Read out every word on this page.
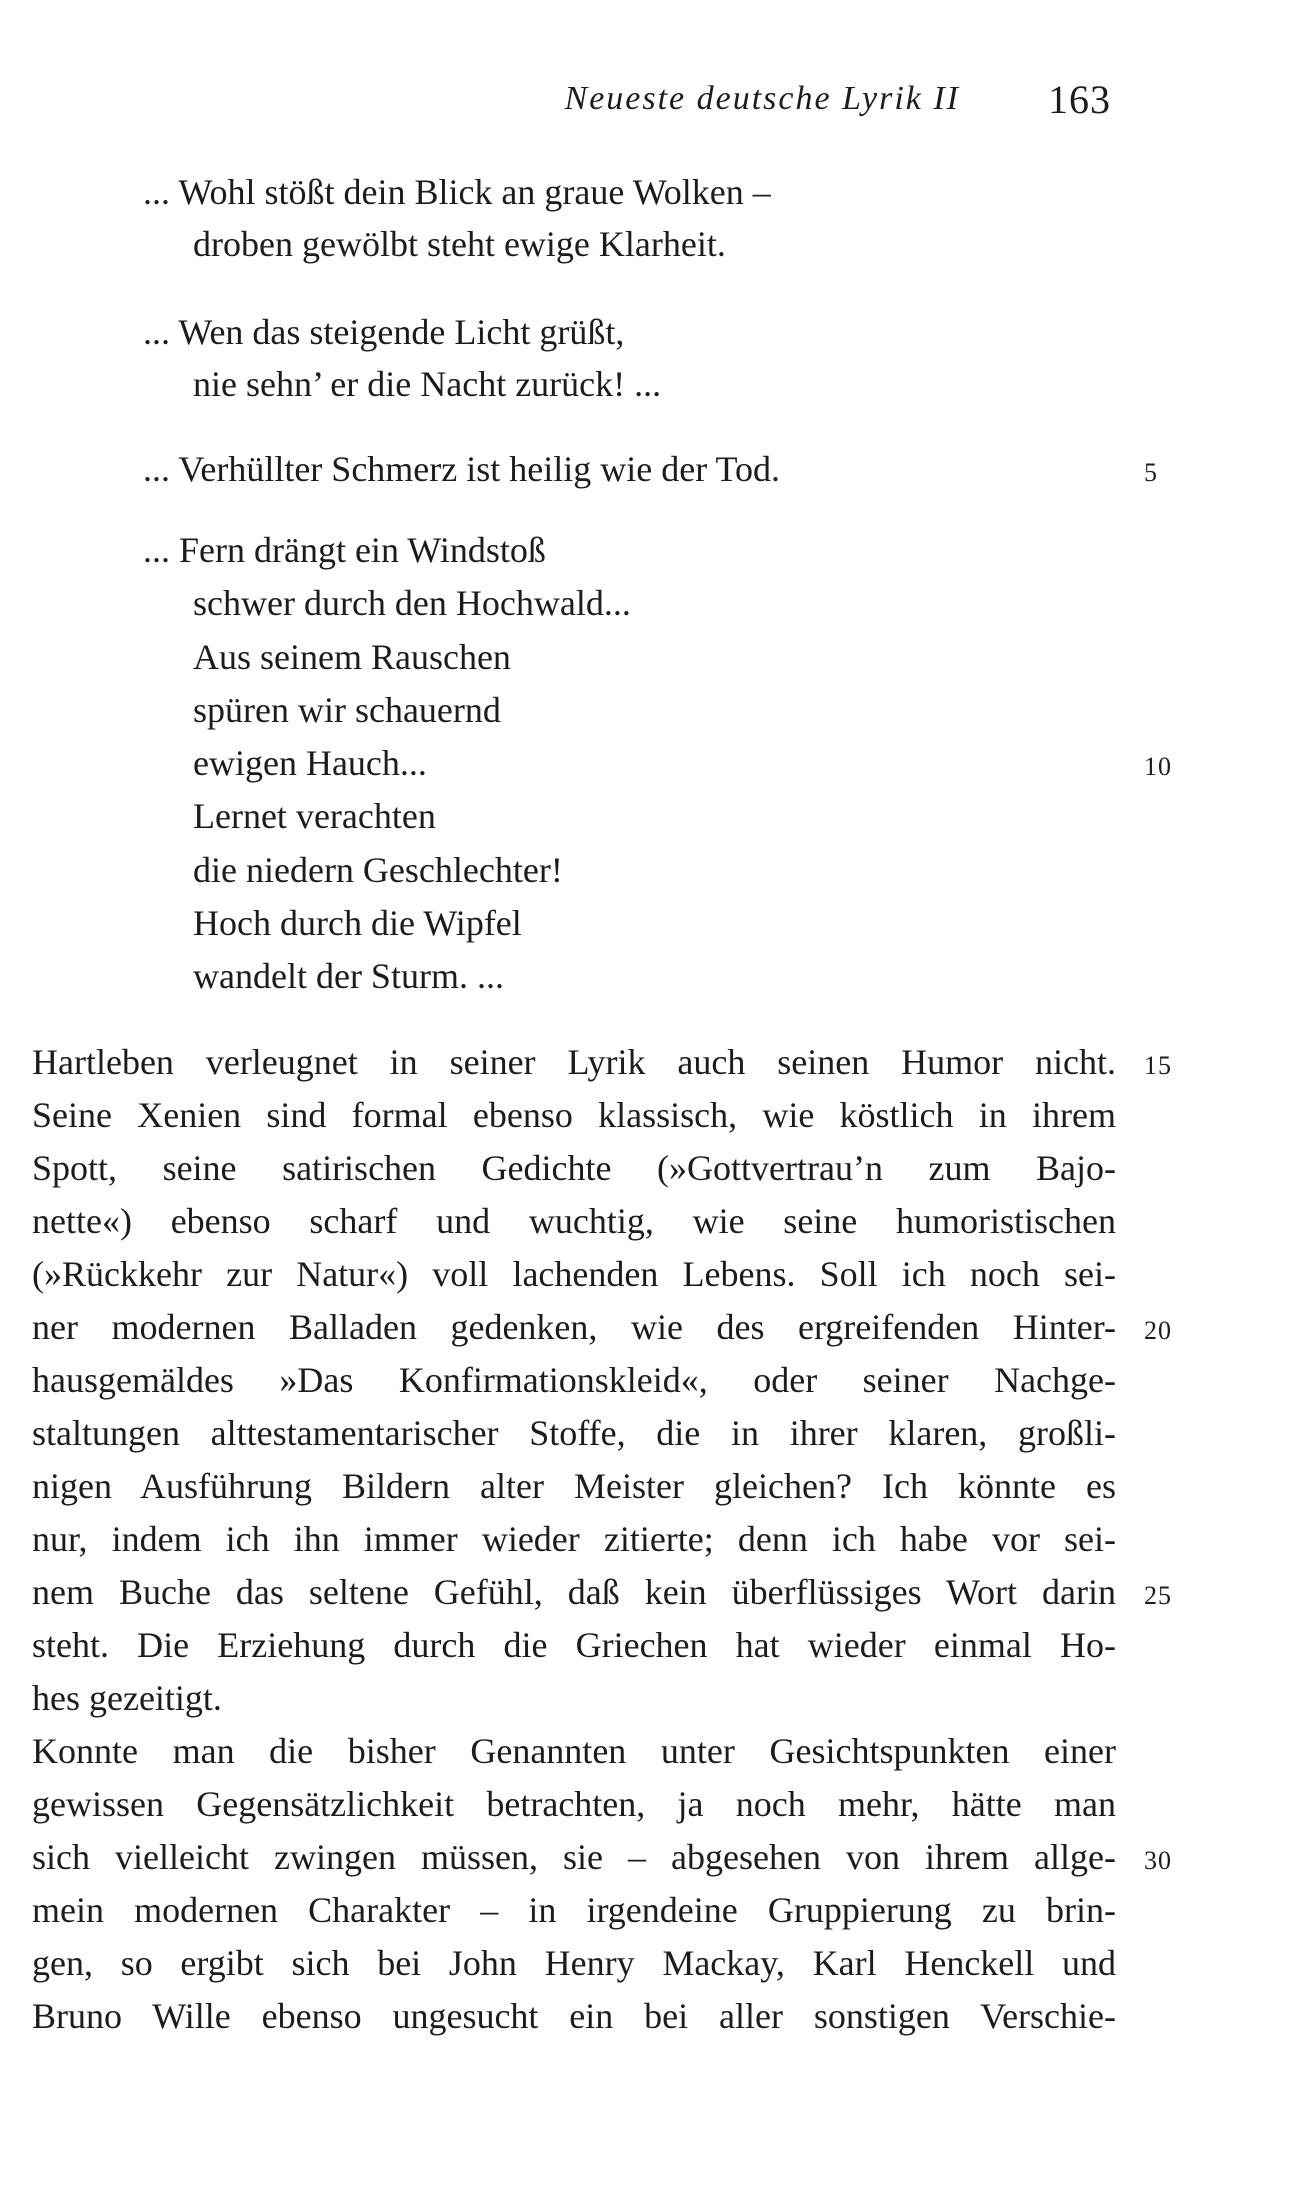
Neueste deutsche Lyrik II 163
... Wohl stößt dein Blick an graue Wolken –
droben gewölbt steht ewige Klarheit.
... Wen das steigende Licht grüßt,
nie sehn’ er die Nacht zurück! ...
... Verhüllter Schmerz ist heilig wie der Tod.
... Fern drängt ein Windstoß
schwer durch den Hochwald...
Aus seinem Rauschen
spüren wir schauernd
ewigen Hauch...
Lernet verachten
die niedern Geschlechter!
Hoch durch die Wipfel
wandelt der Sturm. ...
Hartleben verleugnet in seiner Lyrik auch seinen Humor nicht.
Seine Xenien sind formal ebenso klassisch, wie köstlich in ihrem
Spott, seine satirischen Gedichte (»Gottvertrau’n zum Bajo-
nette«) ebenso scharf und wuchtig, wie seine humoristischen
(»Rückkehr zur Natur«) voll lachenden Lebens. Soll ich noch sei-
ner modernen Balladen gedenken, wie des ergreifenden Hinter-
hausgemäldes »Das Konfirmationskleid«, oder seiner Nachge-
staltungen alttestamentarischer Stoffe, die in ihrer klaren, großli-
nigen Ausführung Bildern alter Meister gleichen? Ich könnte es
nur, indem ich ihn immer wieder zitierte; denn ich habe vor sei-
nem Buche das seltene Gefühl, daß kein überflüssiges Wort darin
steht. Die Erziehung durch die Griechen hat wieder einmal Ho-
hes gezeitigt.
Konnte man die bisher Genannten unter Gesichtspunkten einer
gewissen Gegensätzlichkeit betrachten, ja noch mehr, hätte man
sich vielleicht zwingen müssen, sie – abgesehen von ihrem allge-
mein modernen Charakter – in irgendeine Gruppierung zu brin-
gen, so ergibt sich bei John Henry Mackay, Karl Henckell und
Bruno Wille ebenso ungesucht ein bei aller sonstigen Verschie-
5
10
15
20
25
30
